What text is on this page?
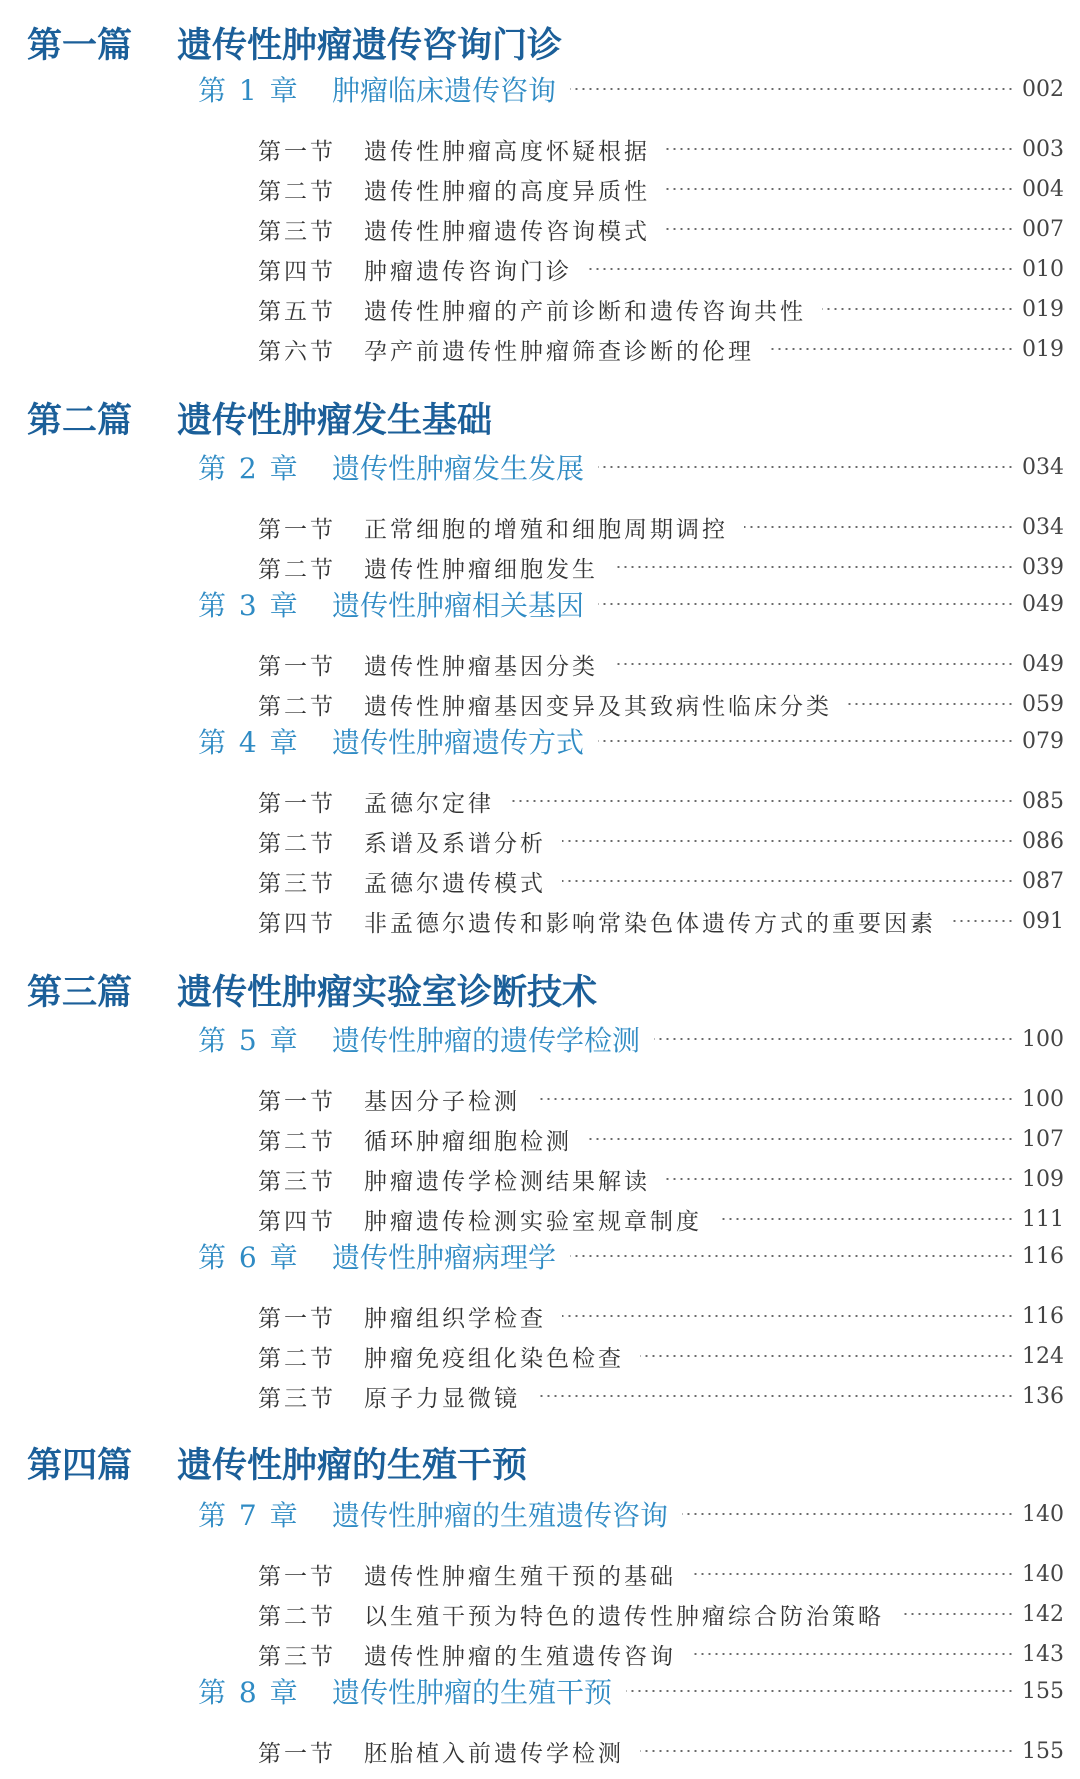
第一篇	遗传性肿瘤遗传咨询门诊
第 1 章	肿瘤临床遗传咨询	002
第一节	遗传性肿瘤高度怀疑根据	003
第二节	遗传性肿瘤的高度异质性	004
第三节	遗传性肿瘤遗传咨询模式	007
第四节	肿瘤遗传咨询门诊	010
第五节	遗传性肿瘤的产前诊断和遗传咨询共性	019
第六节	孕产前遗传性肿瘤筛查诊断的伦理	019
第二篇	遗传性肿瘤发生基础
第 2 章	遗传性肿瘤发生发展	034
第一节	正常细胞的增殖和细胞周期调控	034
第二节	遗传性肿瘤细胞发生	039
第 3 章	遗传性肿瘤相关基因	049
第一节	遗传性肿瘤基因分类	049
第二节	遗传性肿瘤基因变异及其致病性临床分类	059
第 4 章	遗传性肿瘤遗传方式	079
第一节	孟德尔定律	085
第二节	系谱及系谱分析	086
第三节	孟德尔遗传模式	087
第四节	非孟德尔遗传和影响常染色体遗传方式的重要因素	091
第三篇	遗传性肿瘤实验室诊断技术
第 5 章	遗传性肿瘤的遗传学检测	100
第一节	基因分子检测	100
第二节	循环肿瘤细胞检测	107
第三节	肿瘤遗传学检测结果解读	109
第四节	肿瘤遗传检测实验室规章制度	111
第 6 章	遗传性肿瘤病理学	116
第一节	肿瘤组织学检查	116
第二节	肿瘤免疫组化染色检查	124
第三节	原子力显微镜	136
第四篇	遗传性肿瘤的生殖干预
第 7 章	遗传性肿瘤的生殖遗传咨询	140
第一节	遗传性肿瘤生殖干预的基础	140
第二节	以生殖干预为特色的遗传性肿瘤综合防治策略	142
第三节	遗传性肿瘤的生殖遗传咨询	143
第 8 章	遗传性肿瘤的生殖干预	155
第一节	胚胎植入前遗传学检测	155
